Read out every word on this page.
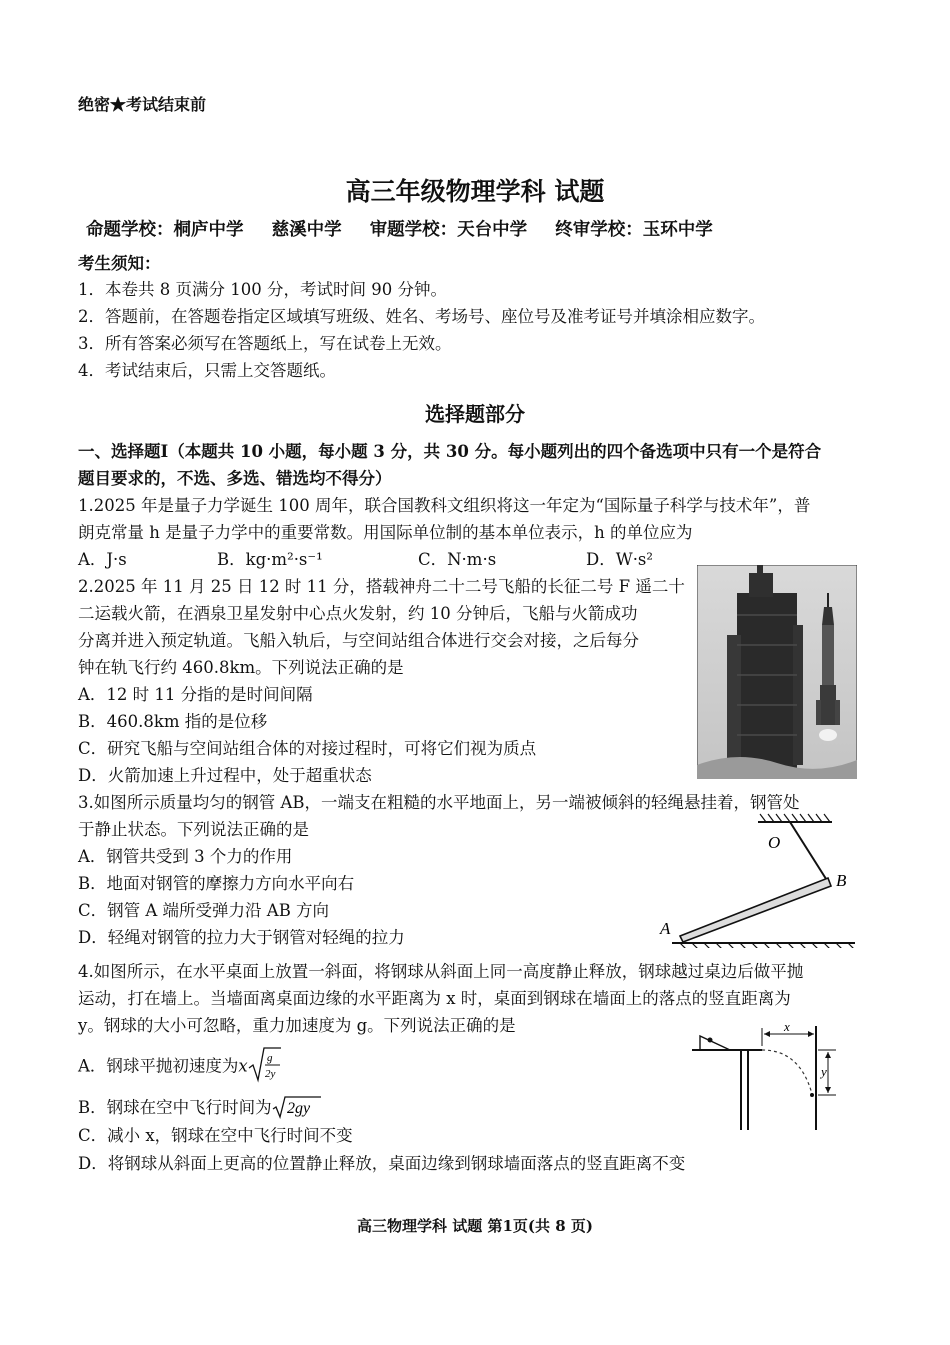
绝密★考试结束前
高三年级物理学科 试题
命题学校：桐庐中学 慈溪中学 审题学校：天台中学 终审学校：玉环中学
考生须知：
1．本卷共 8 页满分 100 分，考试时间 90 分钟。
2．答题前，在答题卷指定区域填写班级、姓名、考场号、座位号及准考证号并填涂相应数字。
3．所有答案必须写在答题纸上，写在试卷上无效。
4．考试结束后，只需上交答题纸。
选择题部分
一、选择题Ⅰ（本题共 10 小题，每小题 3 分，共 30 分。每小题列出的四个备选项中只有一个是符合
题目要求的，不选、多选、错选均不得分）
1.2025 年是量子力学诞生 100 周年，联合国教科文组织将这一年定为“国际量子科学与技术年”，普
朗克常量 h 是量子力学中的重要常数。用国际单位制的基本单位表示，h 的单位应为
A．J·s	B．kg·m²·s⁻¹	C．N·m·s	D．W·s²
2.2025 年 11 月 25 日 12 时 11 分，搭载神舟二十二号飞船的长征二号 F 遥二十
二运载火箭，在酒泉卫星发射中心点火发射，约 10 分钟后，飞船与火箭成功
分离并进入预定轨道。飞船入轨后，与空间站组合体进行交会对接，之后每分
钟在轨飞行约 460.8km。下列说法正确的是
A．12 时 11 分指的是时间间隔
B．460.8km 指的是位移
C．研究飞船与空间站组合体的对接过程时，可将它们视为质点
D．火箭加速上升过程中，处于超重状态
3.如图所示质量均匀的钢管 AB，一端支在粗糙的水平地面上，另一端被倾斜的轻绳悬挂着，钢管处
于静止状态。下列说法正确的是
A．钢管共受到 3 个力的作用
B．地面对钢管的摩擦力方向水平向右
C．钢管 A 端所受弹力沿 AB 方向
D．轻绳对钢管的拉力大于钢管对轻绳的拉力
O
B
A
4.如图所示，在水平桌面上放置一斜面，将钢球从斜面上同一高度静止释放，钢球越过桌边后做平抛
运动，打在墙上。当墙面离桌面边缘的水平距离为 x 时，桌面到钢球在墙面上的落点的竖直距离为
y。钢球的大小可忽略，重力加速度为 g。下列说法正确的是
A．钢球平抛初速度为x g
2y
B．钢球在空中飞行时间为 2gy
C．减小 x，钢球在空中飞行时间不变
D．将钢球从斜面上更高的位置静止释放，桌面边缘到钢球墙面落点的竖直距离不变
x
y
高三物理学科 试题 第1页(共 8 页)
